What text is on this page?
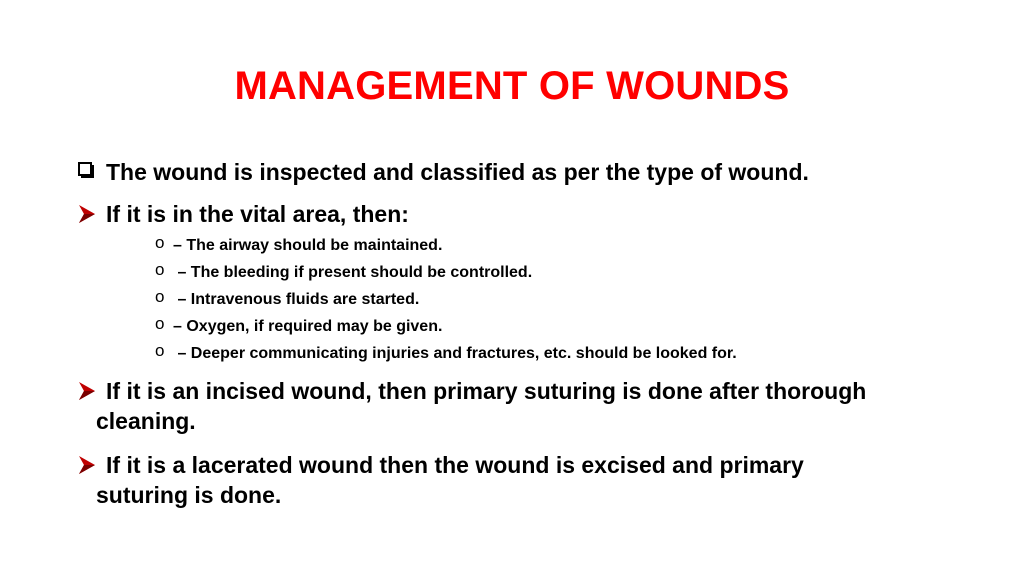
MANAGEMENT OF WOUNDS
The wound is inspected and classified as per the type of wound.
If it is in the vital area, then:
o – The airway should be maintained.
o – The bleeding if present should be controlled.
o – Intravenous fluids are started.
o – Oxygen, if required may be given.
o – Deeper communicating injuries and fractures, etc. should be looked for.
If it is an incised wound, then primary suturing is done after thorough cleaning.
If it is a lacerated wound then the wound is excised and primary suturing is done.
